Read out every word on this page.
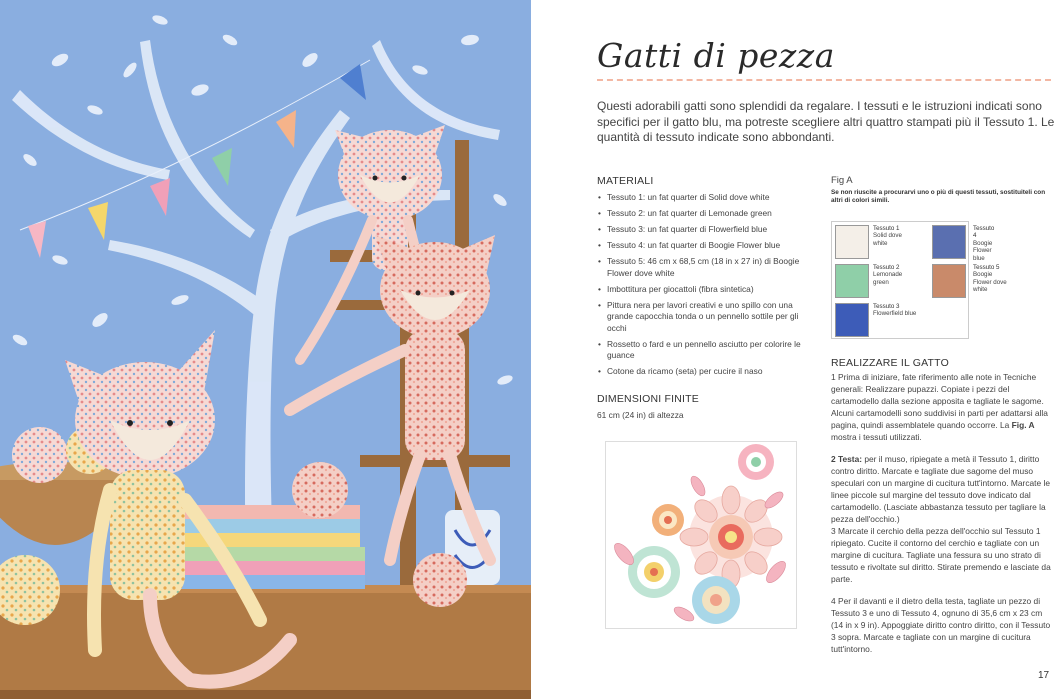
Gatti di pezza
Questi adorabili gatti sono splendidi da regalare. I tessuti e le istruzioni indicati sono specifici per il gatto blu, ma potreste scegliere altri quattro stampati più il Tessuto 1. Le quantità di tessuto indicate sono abbondanti.
MATERIALI
• Tessuto 1: un fat quarter di Solid dove white
• Tessuto 2: un fat quarter di Lemonade green
• Tessuto 3: un fat quarter di Flowerfield blue
• Tessuto 4: un fat quarter di Boogie Flower blue
• Tessuto 5: 46 cm x 68,5 cm (18 in x 27 in) di Boogie Flower dove white
• Imbottitura per giocattoli (fibra sintetica)
• Pittura nera per lavori creativi e uno spillo con una grande capocchia tonda o un pennello sottile per gli occhi
• Rossetto o fard e un pennello asciutto per colorire le guance
• Cotone da ricamo (seta) per cucire il naso
DIMENSIONI FINITE
61 cm (24 in) di altezza
Fig A
Se non riuscite a procurarvi uno o più di questi tessuti, sostituiteli con altri di colori simili.
Tessuto 1
Solid dove
white
Tessuto 2
Lemonade
green
Tessuto 3
Flowerfield blue
Tessuto 4
Boogie
Flower blue
Tessuto 5
Boogie
Flower dove white
REALIZZARE IL GATTO

1 Prima di iniziare, fate riferimento alle note in Tecniche generali: Realizzare pupazzi. Copiate i pezzi del cartamodello dalla sezione apposita e tagliate le sagome. Alcuni cartamodelli sono suddivisi in parti per adattarsi alla pagina, quindi assemblatele quando occorre. La Fig. A mostra i tessuti utilizzati.

2 Testa: per il muso, ripiegate a metà il Tessuto 1, diritto contro diritto. Marcate e tagliate due sagome del muso speculari con un margine di cucitura tutt'intorno. Marcate le linee piccole sul margine del tessuto dove indicato dal cartamodello. (Lasciate abbastanza tessuto per tagliare la pezza dell'occhio.)
3 Marcate il cerchio della pezza dell'occhio sul Tessuto 1 ripiegato. Cucite il contorno del cerchio e tagliate con un margine di cucitura. Tagliate una fessura su uno strato di tessuto e rivoltate sul diritto. Stirate premendo e lasciate da parte.

4 Per il davanti e il dietro della testa, tagliate un pezzo di Tessuto 3 e uno di Tessuto 4, ognuno di 35,6 cm x 23 cm (14 in x 9 in). Appoggiate diritto contro diritto, con il Tessuto 3 sopra. Marcate e tagliate con un margine di cucitura tutt'intorno.

17
